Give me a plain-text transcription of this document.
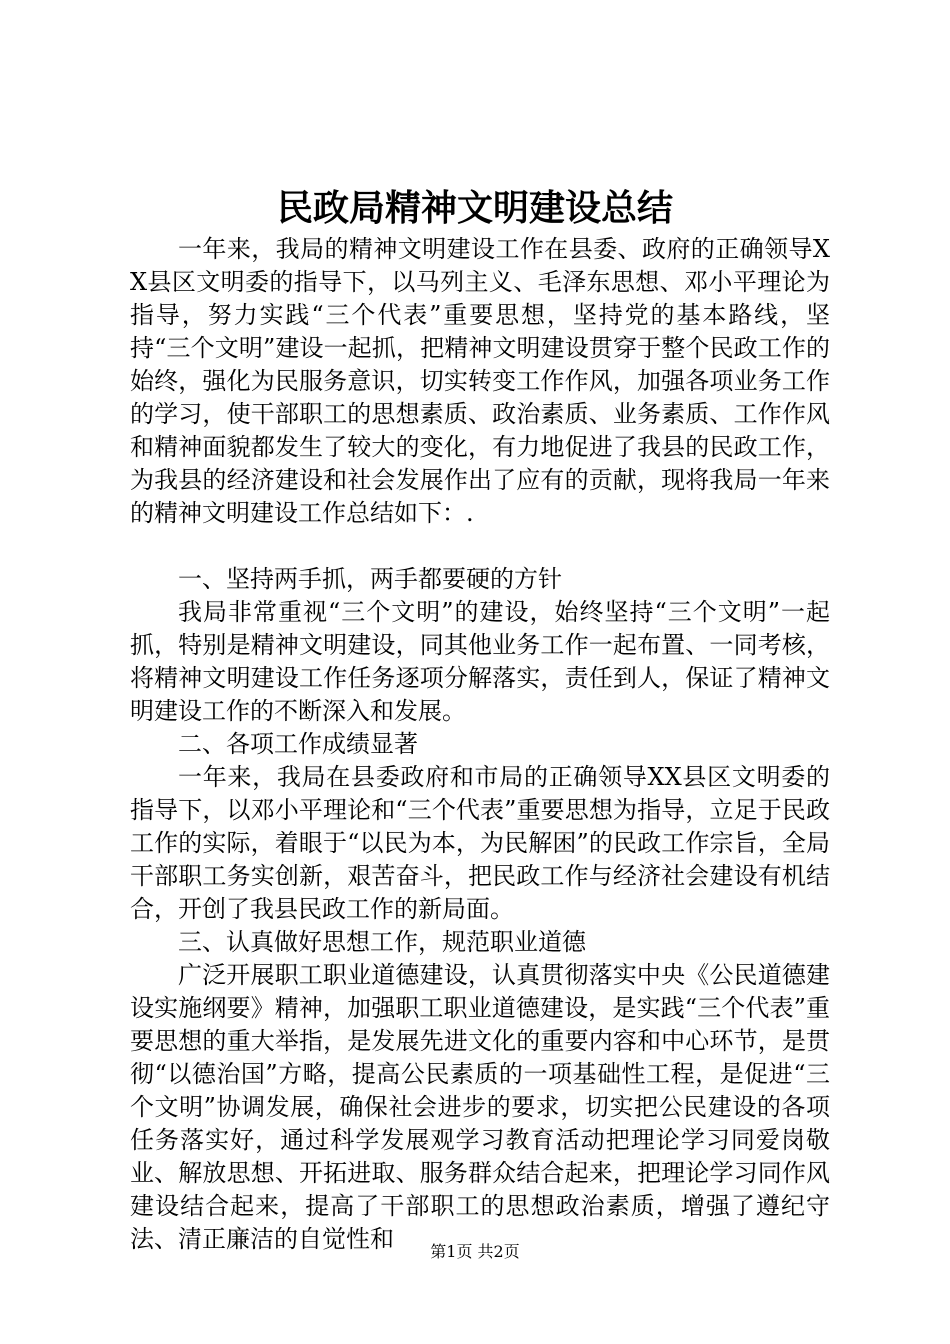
民政局精神文明建设总结

一年来，我局的精神文明建设工作在县委、政府的正确领导XX县区文明委的指导下，以马列主义、毛泽东思想、邓小平理论为指导，努力实践“三个代表”重要思想，坚持党的基本路线，坚持“三个文明”建设一起抓，把精神文明建设贯穿于整个民政工作的始终，强化为民服务意识，切实转变工作作风，加强各项业务工作的学习，使干部职工的思想素质、政治素质、业务素质、工作作风和精神面貌都发生了较大的变化，有力地促进了我县的民政工作，为我县的经济建设和社会发展作出了应有的贡献，现将我局一年来的精神文明建设工作总结如下：.

一、坚持两手抓，两手都要硬的方针

我局非常重视“三个文明”的建设，始终坚持“三个文明”一起抓，特别是精神文明建设，同其他业务工作一起布置、一同考核，将精神文明建设工作任务逐项分解落实，责任到人，保证了精神文明建设工作的不断深入和发展。

二、各项工作成绩显著

一年来，我局在县委政府和市局的正确领导XX县区文明委的指导下，以邓小平理论和“三个代表”重要思想为指导，立足于民政工作的实际，着眼于“以民为本，为民解困”的民政工作宗旨，全局干部职工务实创新，艰苦奋斗，把民政工作与经济社会建设有机结合，开创了我县民政工作的新局面。

三、认真做好思想工作，规范职业道德

广泛开展职工职业道德建设，认真贯彻落实中央《公民道德建设实施纲要》精神，加强职工职业道德建设，是实践“三个代表”重要思想的重大举指，是发展先进文化的重要内容和中心环节，是贯彻“以德治国”方略，提高公民素质的一项基础性工程，是促进“三个文明”协调发展，确保社会进步的要求，切实把公民建设的各项任务落实好，通过科学发展观学习教育活动把理论学习同爱岗敬业、解放思想、开拓进取、服务群众结合起来，把理论学习同作风建设结合起来，提高了干部职工的思想政治素质，增强了遵纪守法、清正廉洁的自觉性和	第1页 共2页
